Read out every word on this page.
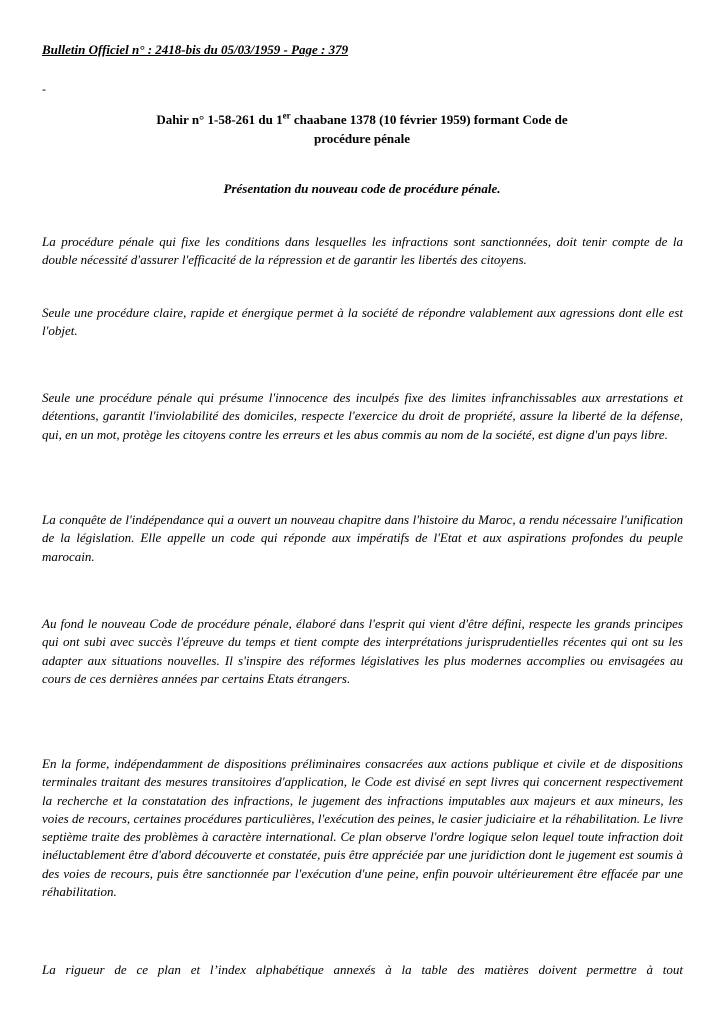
Bulletin Officiel n° : 2418-bis du 05/03/1959 - Page : 379
-
Dahir n° 1-58-261 du 1er chaabane 1378 (10 février 1959) formant Code de
procédure pénale
Présentation du nouveau code de procédure pénale.

La procédure pénale qui fixe les conditions dans lesquelles les infractions sont sanctionnées, doit tenir compte de la double nécessité d'assurer l'efficacité de la répression et de garantir les libertés des citoyens.

Seule une procédure claire, rapide et énergique permet à la société de répondre valablement aux agressions dont elle est l'objet.

Seule une procédure pénale qui présume l'innocence des inculpés fixe des limites infranchissables aux arrestations et détentions, garantit l'inviolabilité des domiciles, respecte l'exercice du droit de propriété, assure la liberté de la défense, qui, en un mot, protège les citoyens contre les erreurs et les abus commis au nom de la société, est digne d'un pays libre.

La conquête de l'indépendance qui a ouvert un nouveau chapitre dans l'histoire du Maroc, a rendu nécessaire l'unification de la législation. Elle appelle un code qui réponde aux impératifs de l'Etat et aux aspirations profondes du peuple marocain.

Au fond le nouveau Code de procédure pénale, élaboré dans l'esprit qui vient d'être défini, respecte les grands principes qui ont subi avec succès l'épreuve du temps et tient compte des interprétations jurisprudentielles récentes qui ont su les adapter aux situations nouvelles. Il s'inspire des réformes législatives les plus modernes accomplies ou envisagées au cours de ces dernières années par certains Etats étrangers.

En la forme, indépendamment de dispositions préliminaires consacrées aux actions publique et civile et de dispositions terminales traitant des mesures transitoires d'application, le Code est divisé en sept livres qui concernent respectivement la recherche et la constatation des infractions, le jugement des infractions imputables aux majeurs et aux mineurs, les voies de recours, certaines procédures particulières, l'exécution des peines, le casier judiciaire et la réhabilitation. Le livre septième traite des problèmes à caractère international. Ce plan observe l'ordre logique selon lequel toute infraction doit inéluctablement être d'abord découverte et constatée, puis être appréciée par une juridiction dont le jugement est soumis à des voies de recours, puis être sanctionnée par l'exécution d'une peine, enfin pouvoir ultérieurement être effacée par une réhabilitation.

La rigueur de ce plan et l’index alphabétique annexés à la table des matières doivent permettre à tout
